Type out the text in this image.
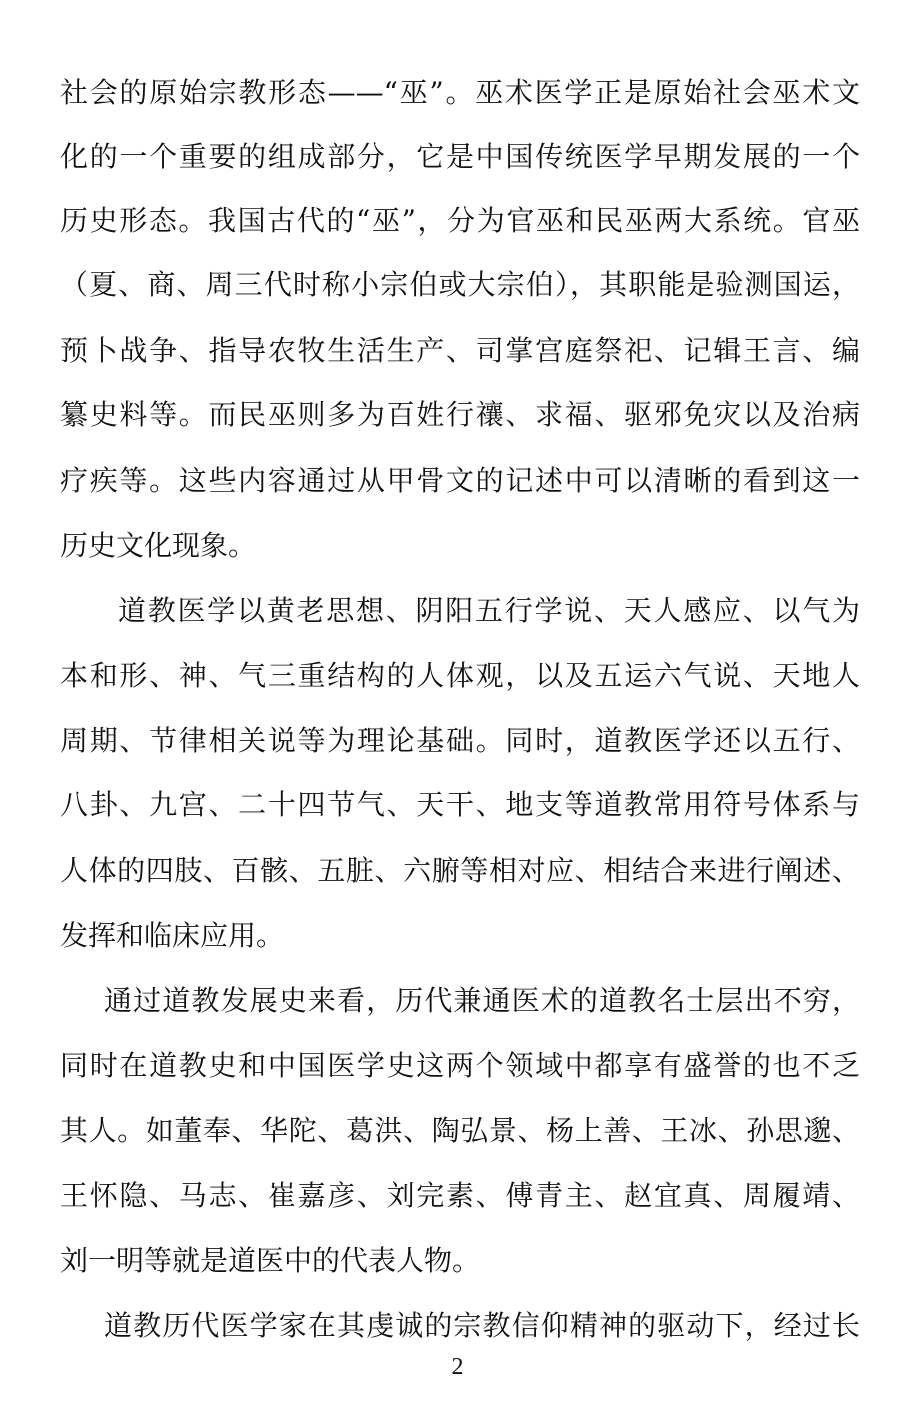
社会的原始宗教形态——“巫”。巫术医学正是原始社会巫术文
化的一个重要的组成部分，它是中国传统医学早期发展的一个
历史形态。我国古代的“巫”，分为官巫和民巫两大系统。官巫
（夏、商、周三代时称小宗伯或大宗伯），其职能是验测国运，
预卜战争、指导农牧生活生产、司掌宫庭祭祀、记辑王言、编
纂史料等。而民巫则多为百姓行禳、求福、驱邪免灾以及治病
疗疾等。这些内容通过从甲骨文的记述中可以清晰的看到这一
历史文化现象。
道教医学以黄老思想、阴阳五行学说、天人感应、以气为
本和形、神、气三重结构的人体观，以及五运六气说、天地人
周期、节律相关说等为理论基础。同时，道教医学还以五行、
八卦、九宫、二十四节气、天干、地支等道教常用符号体系与
人体的四肢、百骸、五脏、六腑等相对应、相结合来进行阐述、
发挥和临床应用。
通过道教发展史来看，历代兼通医术的道教名士层出不穷，
同时在道教史和中国医学史这两个领域中都享有盛誉的也不乏
其人。如董奉、华陀、葛洪、陶弘景、杨上善、王冰、孙思邈、
王怀隐、马志、崔嘉彦、刘完素、傅青主、赵宜真、周履靖、
刘一明等就是道医中的代表人物。
道教历代医学家在其虔诚的宗教信仰精神的驱动下，经过长
2
